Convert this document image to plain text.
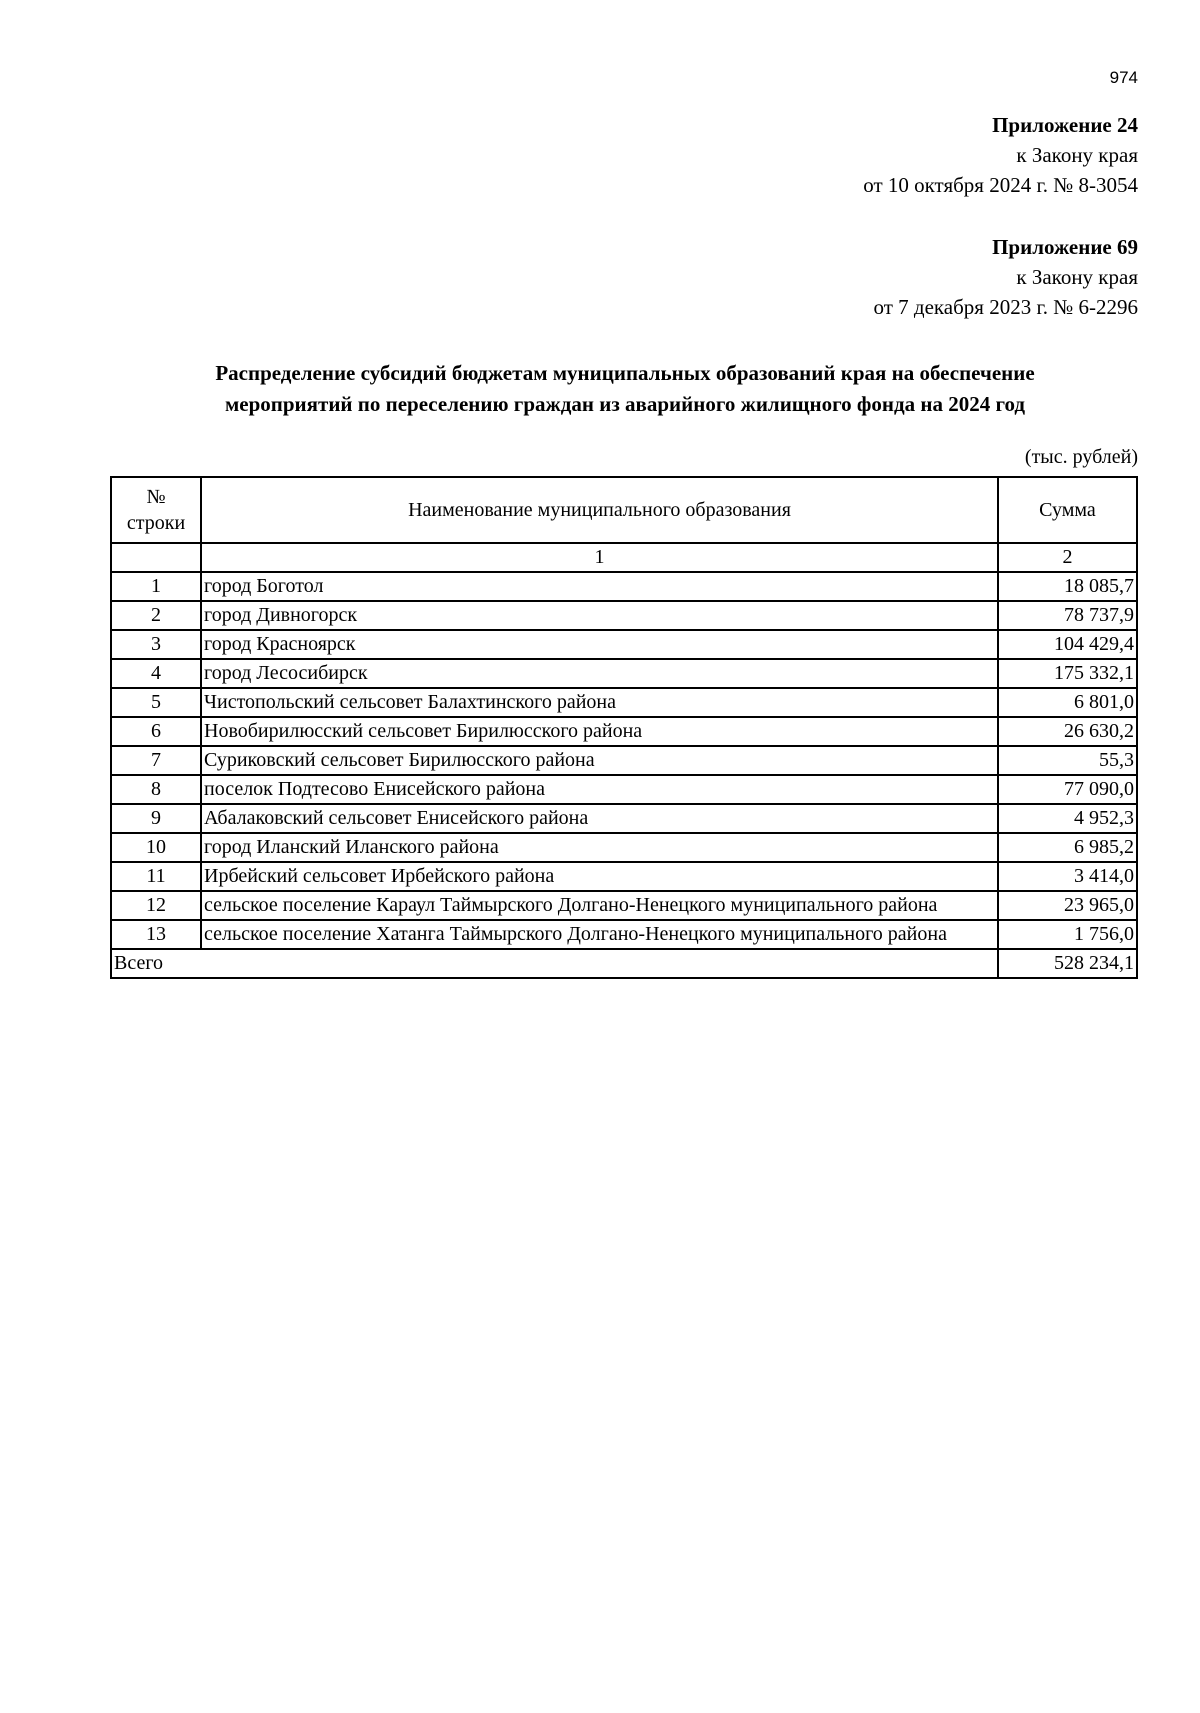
974
Приложение 24
к Закону края
от 10 октября 2024 г. № 8-3054
Приложение 69
к Закону края
от 7 декабря 2023 г. № 6-2296
Распределение субсидий бюджетам муниципальных образований края на обеспечение
мероприятий по переселению граждан из аварийного жилищного фонда на 2024 год
(тыс. рублей)
№
строки	Наименование муниципального образования	Сумма
	1	2
1	город Боготол	18 085,7
2	город Дивногорск	78 737,9
3	город Красноярск	104 429,4
4	город Лесосибирск	175 332,1
5	Чистопольский сельсовет Балахтинского района	6 801,0
6	Новобирилюсский сельсовет Бирилюсского района	26 630,2
7	Суриковский сельсовет Бирилюсского района	55,3
8	поселок Подтесово Енисейского района	77 090,0
9	Абалаковский сельсовет Енисейского района	4 952,3
10	город Иланский Иланского района	6 985,2
11	Ирбейский сельсовет Ирбейского района	3 414,0
12	сельское поселение Караул Таймырского Долгано-Ненецкого муниципального района	23 965,0
13	сельское поселение Хатанга Таймырского Долгано-Ненецкого муниципального района	1 756,0
Всего		528 234,1
